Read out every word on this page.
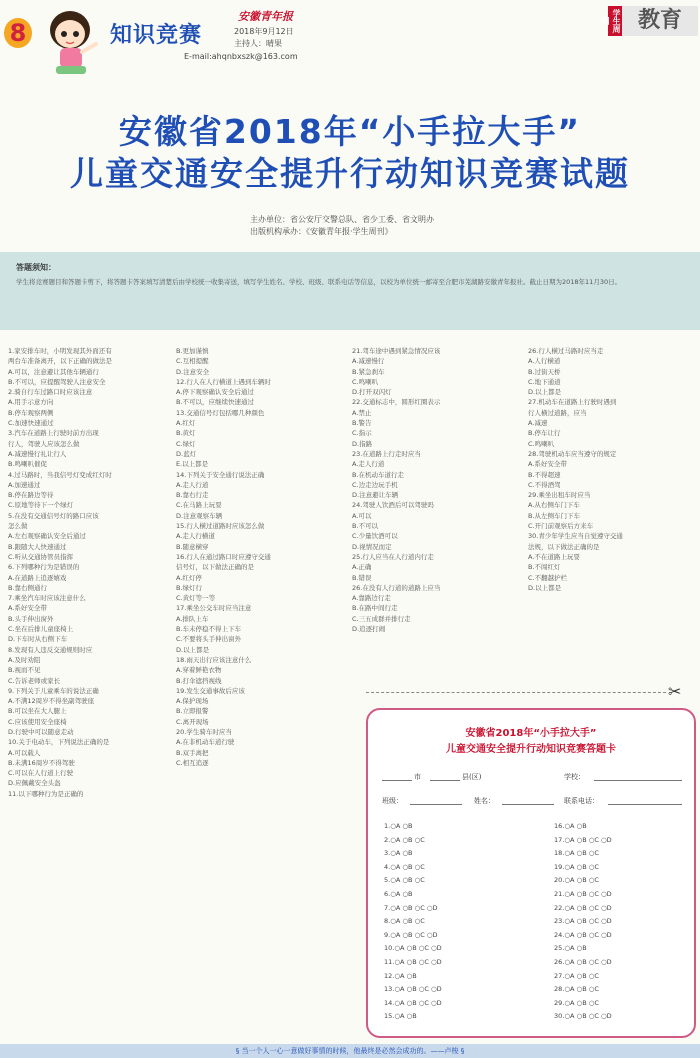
8	知识竞赛
安徽青年报
2018年9月12日
主持人：晴果
E-mail:ahqnbxszk@163.com
学生周刊	教育
安徽省2018年“小手拉大手”
儿童交通安全提升行动知识竞赛试题
主办单位：省公安厅交警总队、省少工委、省文明办
出版机构承办：《安徽青年报·学生周刊》
答题须知：
学生将竞赛题目和答题卡剪下，将答题卡答案填写清楚后由学校统一收集寄送，填写学生姓名、学校、班级、联系电话等信息，以校为单位统一邮寄至合肥市芜湖路安徽青年报社。截止日期为2018年11月30日。
1.家安排车时，小明发现其外面还有
两台车准备离开，以下正确的做法是
A.可以，注意避让其他车辆通行
B.不可以，应提醒驾驶人注意安全
2.骑自行车过路口时应该注意
A.用手示意方向
B.停车观察两侧
C.加速快速通过
3.汽车在道路上行驶时前方出现
行人，驾驶人应该怎么做
A.减速慢行礼让行人
B.鸣喇叭催促
4.过马路时，当我信号灯变成红灯时
A.加速通过
B.停在路边等待
C.原地等待下一个绿灯
5.在没有交通信号灯的路口应该
怎么做
A.左右观察确认安全后通过
B.跟随大人快速通过
C.听从交通协管员指挥
6.下列哪种行为是错误的
A.在道路上追逐嬉戏
B.靠右侧通行
7.乘坐汽车时应该注意什么
A.系好安全带
B.头手伸出窗外
C.坐在后排儿童座椅上
D.下车时从右侧下车
8.发现有人违反交通规则时应
A.及时劝阻
B.视而不见
C.告诉老师或家长
9.下列关于儿童乘车的说法正确
A.不满12周岁不得坐副驾驶座
B.可以坐在大人腿上
C.应该使用安全座椅
D.行驶中可以随意走动
10.关于电动车，下列说法正确的是
A.可以载人
B.未满16周岁不得驾驶
C.可以在人行道上行驶
D.应佩戴安全头盔
11.以下哪种行为是正确的
B.更加谨慎
C.互相提醒
D.注意安全
12.行人在人行横道上遇到车辆时
A.停下观察确认安全后通过
B.不可以，应继续快速通过
13.交通信号灯包括哪几种颜色
A.红灯
B.黄灯
C.绿灯
D.蓝灯
E.以上都是
14.下列关于安全通行说法正确
A.走人行道
B.靠右行走
C.在马路上玩耍
D.注意观察车辆
15.行人横过道路时应该怎么做
A.走人行横道
B.随意横穿
16.行人在通过路口时应遵守交通
信号灯，以下做法正确的是
A.红灯停
B.绿灯行
C.黄灯等一等
17.乘坐公交车时应当注意
A.排队上车
B.车未停稳不得上下车
C.不要将头手伸出窗外
D.以上都是
18.雨天出行应该注意什么
A.穿着鲜艳衣物
B.打伞遮挡视线
19.发生交通事故后应该
A.保护现场
B.立即报警
C.离开现场
20.学生骑车时应当
A.在非机动车道行驶
B.双手离把
C.相互追逐
21.驾车途中遇到紧急情况应该
A.减速慢行
B.紧急刹车
C.鸣喇叭
D.打开双闪灯
22.交通标志中，圆形红圈表示
A.禁止
B.警告
C.指示
D.指路
23.在道路上行走时应当
A.走人行道
B.在机动车道行走
C.边走边玩手机
D.注意避让车辆
24.驾驶人饮酒后可以驾驶吗
A.可以
B.不可以
C.少量饮酒可以
D.视情况而定
25.行人应当在人行道内行走
A.正确
B.错误
26.在没有人行道的道路上应当
A.靠路边行走
B.在路中间行走
C.三五成群并排行走
D.追逐打闹
26.行人横过马路时应当走
A.人行横道
B.过街天桥
C.地下通道
D.以上都是
27.机动车在道路上行驶时遇到
行人横过道路，应当
A.减速
B.停车让行
C.鸣喇叭
28.驾驶机动车应当遵守的规定
A.系好安全带
B.不得超速
C.不得酒驾
29.乘坐出租车时应当
A.从右侧车门下车
B.从左侧车门下车
C.开门前观察后方来车
30.青少年学生应当自觉遵守交通
法规，以下做法正确的是
A.不在道路上玩耍
B.不闯红灯
C.不翻越护栏
D.以上都是
✂
安徽省2018年“小手拉大手”
儿童交通安全提升行动知识竞赛答题卡
市	县(区)	学校：
班级：	姓名：	联系电话：
1.○A ○B
2.○A ○B ○C
3.○A ○B
4.○A ○B ○C
5.○A ○B ○C
6.○A ○B
7.○A ○B ○C ○D
8.○A ○B ○C
9.○A ○B ○C ○D
10.○A ○B ○C ○D
11.○A ○B ○C ○D
12.○A ○B
13.○A ○B ○C ○D
14.○A ○B ○C ○D
15.○A ○B
16.○A ○B
17.○A ○B ○C ○D
18.○A ○B ○C
19.○A ○B ○C
20.○A ○B ○C
21.○A ○B ○C ○D
22.○A ○B ○C ○D
23.○A ○B ○C ○D
24.○A ○B ○C ○D
25.○A ○B
26.○A ○B ○C ○D
27.○A ○B ○C
28.○A ○B ○C
29.○A ○B ○C
30.○A ○B ○C ○D
§ 当一个人一心一意做好事情的时候，他最终是必然会成功的。——卢梭 §
